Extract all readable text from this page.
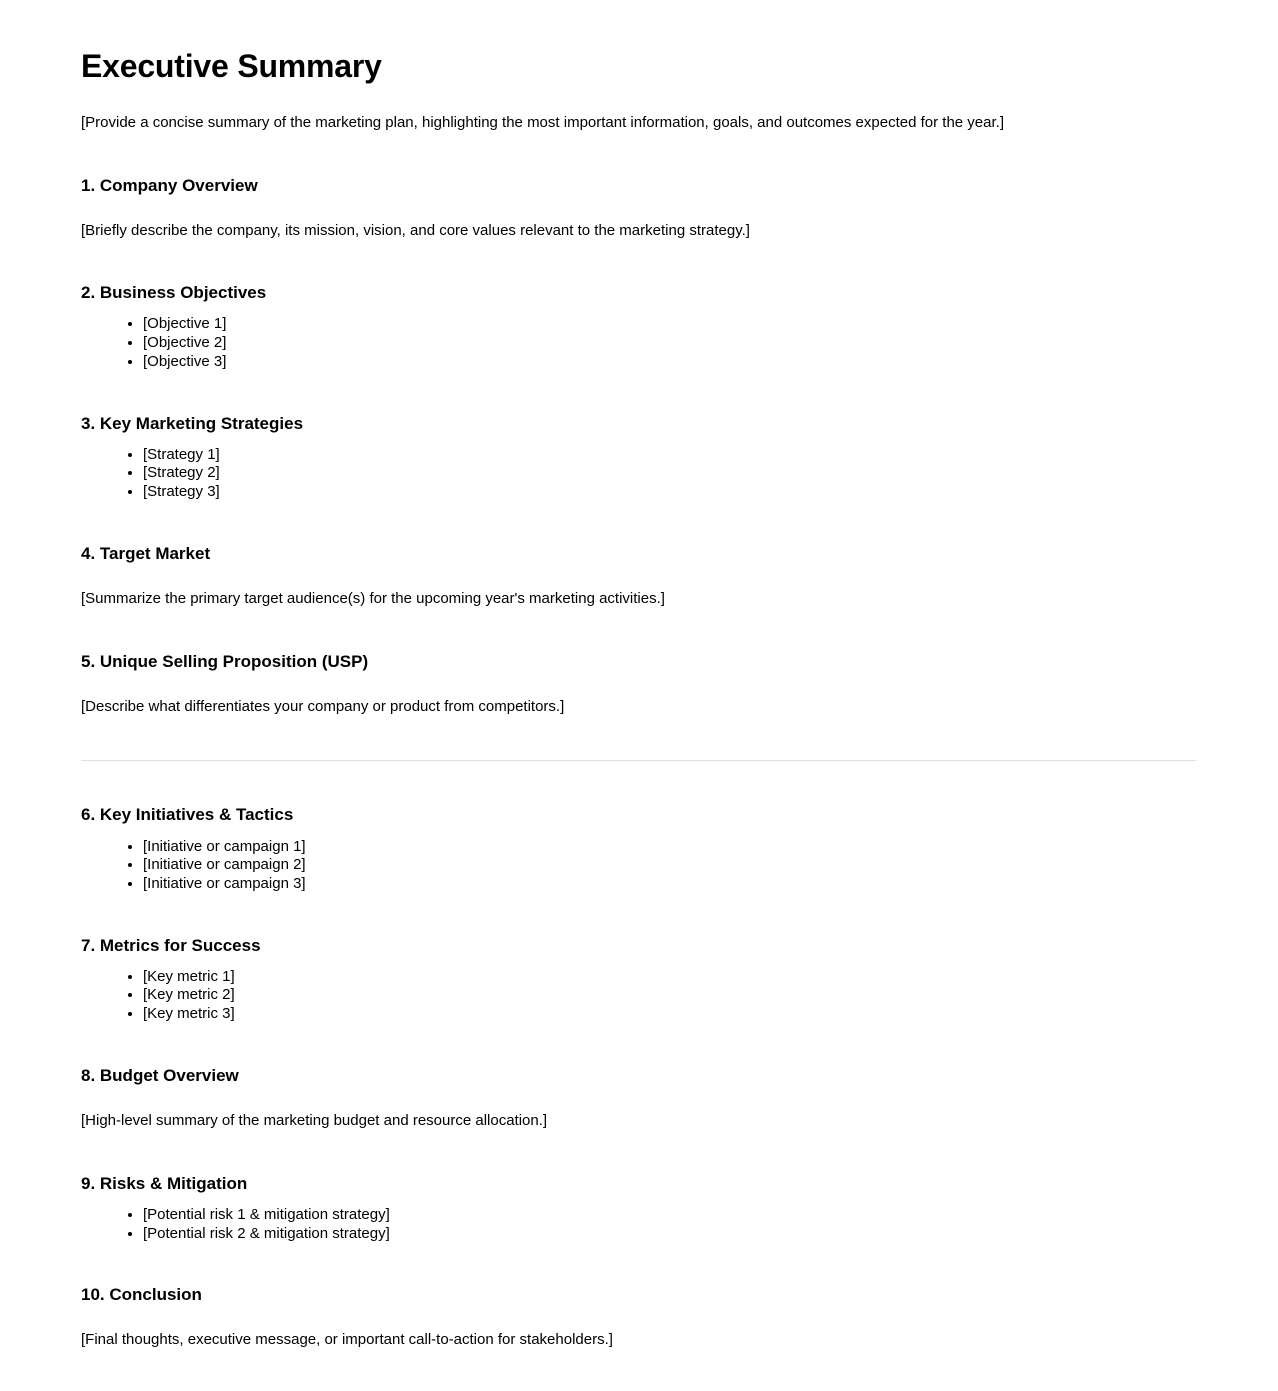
Executive Summary

[Provide a concise summary of the marketing plan, highlighting the most important information, goals, and outcomes expected for the year.]

1. Company Overview

[Briefly describe the company, its mission, vision, and core values relevant to the marketing strategy.]

2. Business Objectives
• [Objective 1]
• [Objective 2]
• [Objective 3]
3. Key Marketing Strategies
• [Strategy 1]
• [Strategy 2]
• [Strategy 3]
4. Target Market

[Summarize the primary target audience(s) for the upcoming year's marketing activities.]

5. Unique Selling Proposition (USP)

[Describe what differentiates your company or product from competitors.]

6. Key Initiatives & Tactics
• [Initiative or campaign 1]
• [Initiative or campaign 2]
• [Initiative or campaign 3]
7. Metrics for Success
• [Key metric 1]
• [Key metric 2]
• [Key metric 3]
8. Budget Overview

[High-level summary of the marketing budget and resource allocation.]

9. Risks & Mitigation
• [Potential risk 1 & mitigation strategy]
• [Potential risk 2 & mitigation strategy]
10. Conclusion

[Final thoughts, executive message, or important call-to-action for stakeholders.]
